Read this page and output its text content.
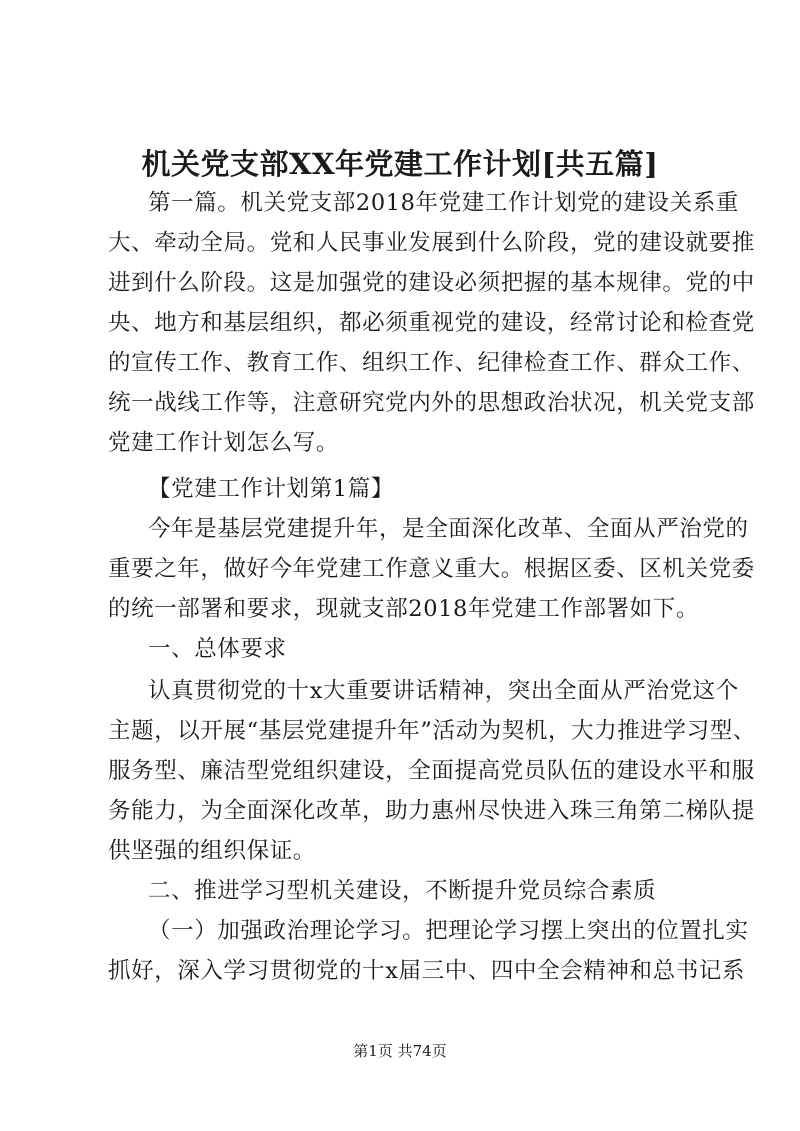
机关党支部XX年党建工作计划[共五篇]
第一篇。机关党支部2018年党建工作计划党的建设关系重
大、牵动全局。党和人民事业发展到什么阶段，党的建设就要推
进到什么阶段。这是加强党的建设必须把握的基本规律。党的中
央、地方和基层组织，都必须重视党的建设，经常讨论和检查党
的宣传工作、教育工作、组织工作、纪律检查工作、群众工作、
统一战线工作等，注意研究党内外的思想政治状况，机关党支部
党建工作计划怎么写。
【党建工作计划第1篇】
今年是基层党建提升年，是全面深化改革、全面从严治党的
重要之年，做好今年党建工作意义重大。根据区委、区机关党委
的统一部署和要求，现就支部2018年党建工作部署如下。
一、总体要求
认真贯彻党的十x大重要讲话精神，突出全面从严治党这个
主题，以开展“基层党建提升年”活动为契机，大力推进学习型、
服务型、廉洁型党组织建设，全面提高党员队伍的建设水平和服
务能力，为全面深化改革，助力惠州尽快进入珠三角第二梯队提
供坚强的组织保证。
二、推进学习型机关建设，不断提升党员综合素质
（一）加强政治理论学习。把理论学习摆上突出的位置扎实
抓好，深入学习贯彻党的十x届三中、四中全会精神和总书记系
第1页 共74页
